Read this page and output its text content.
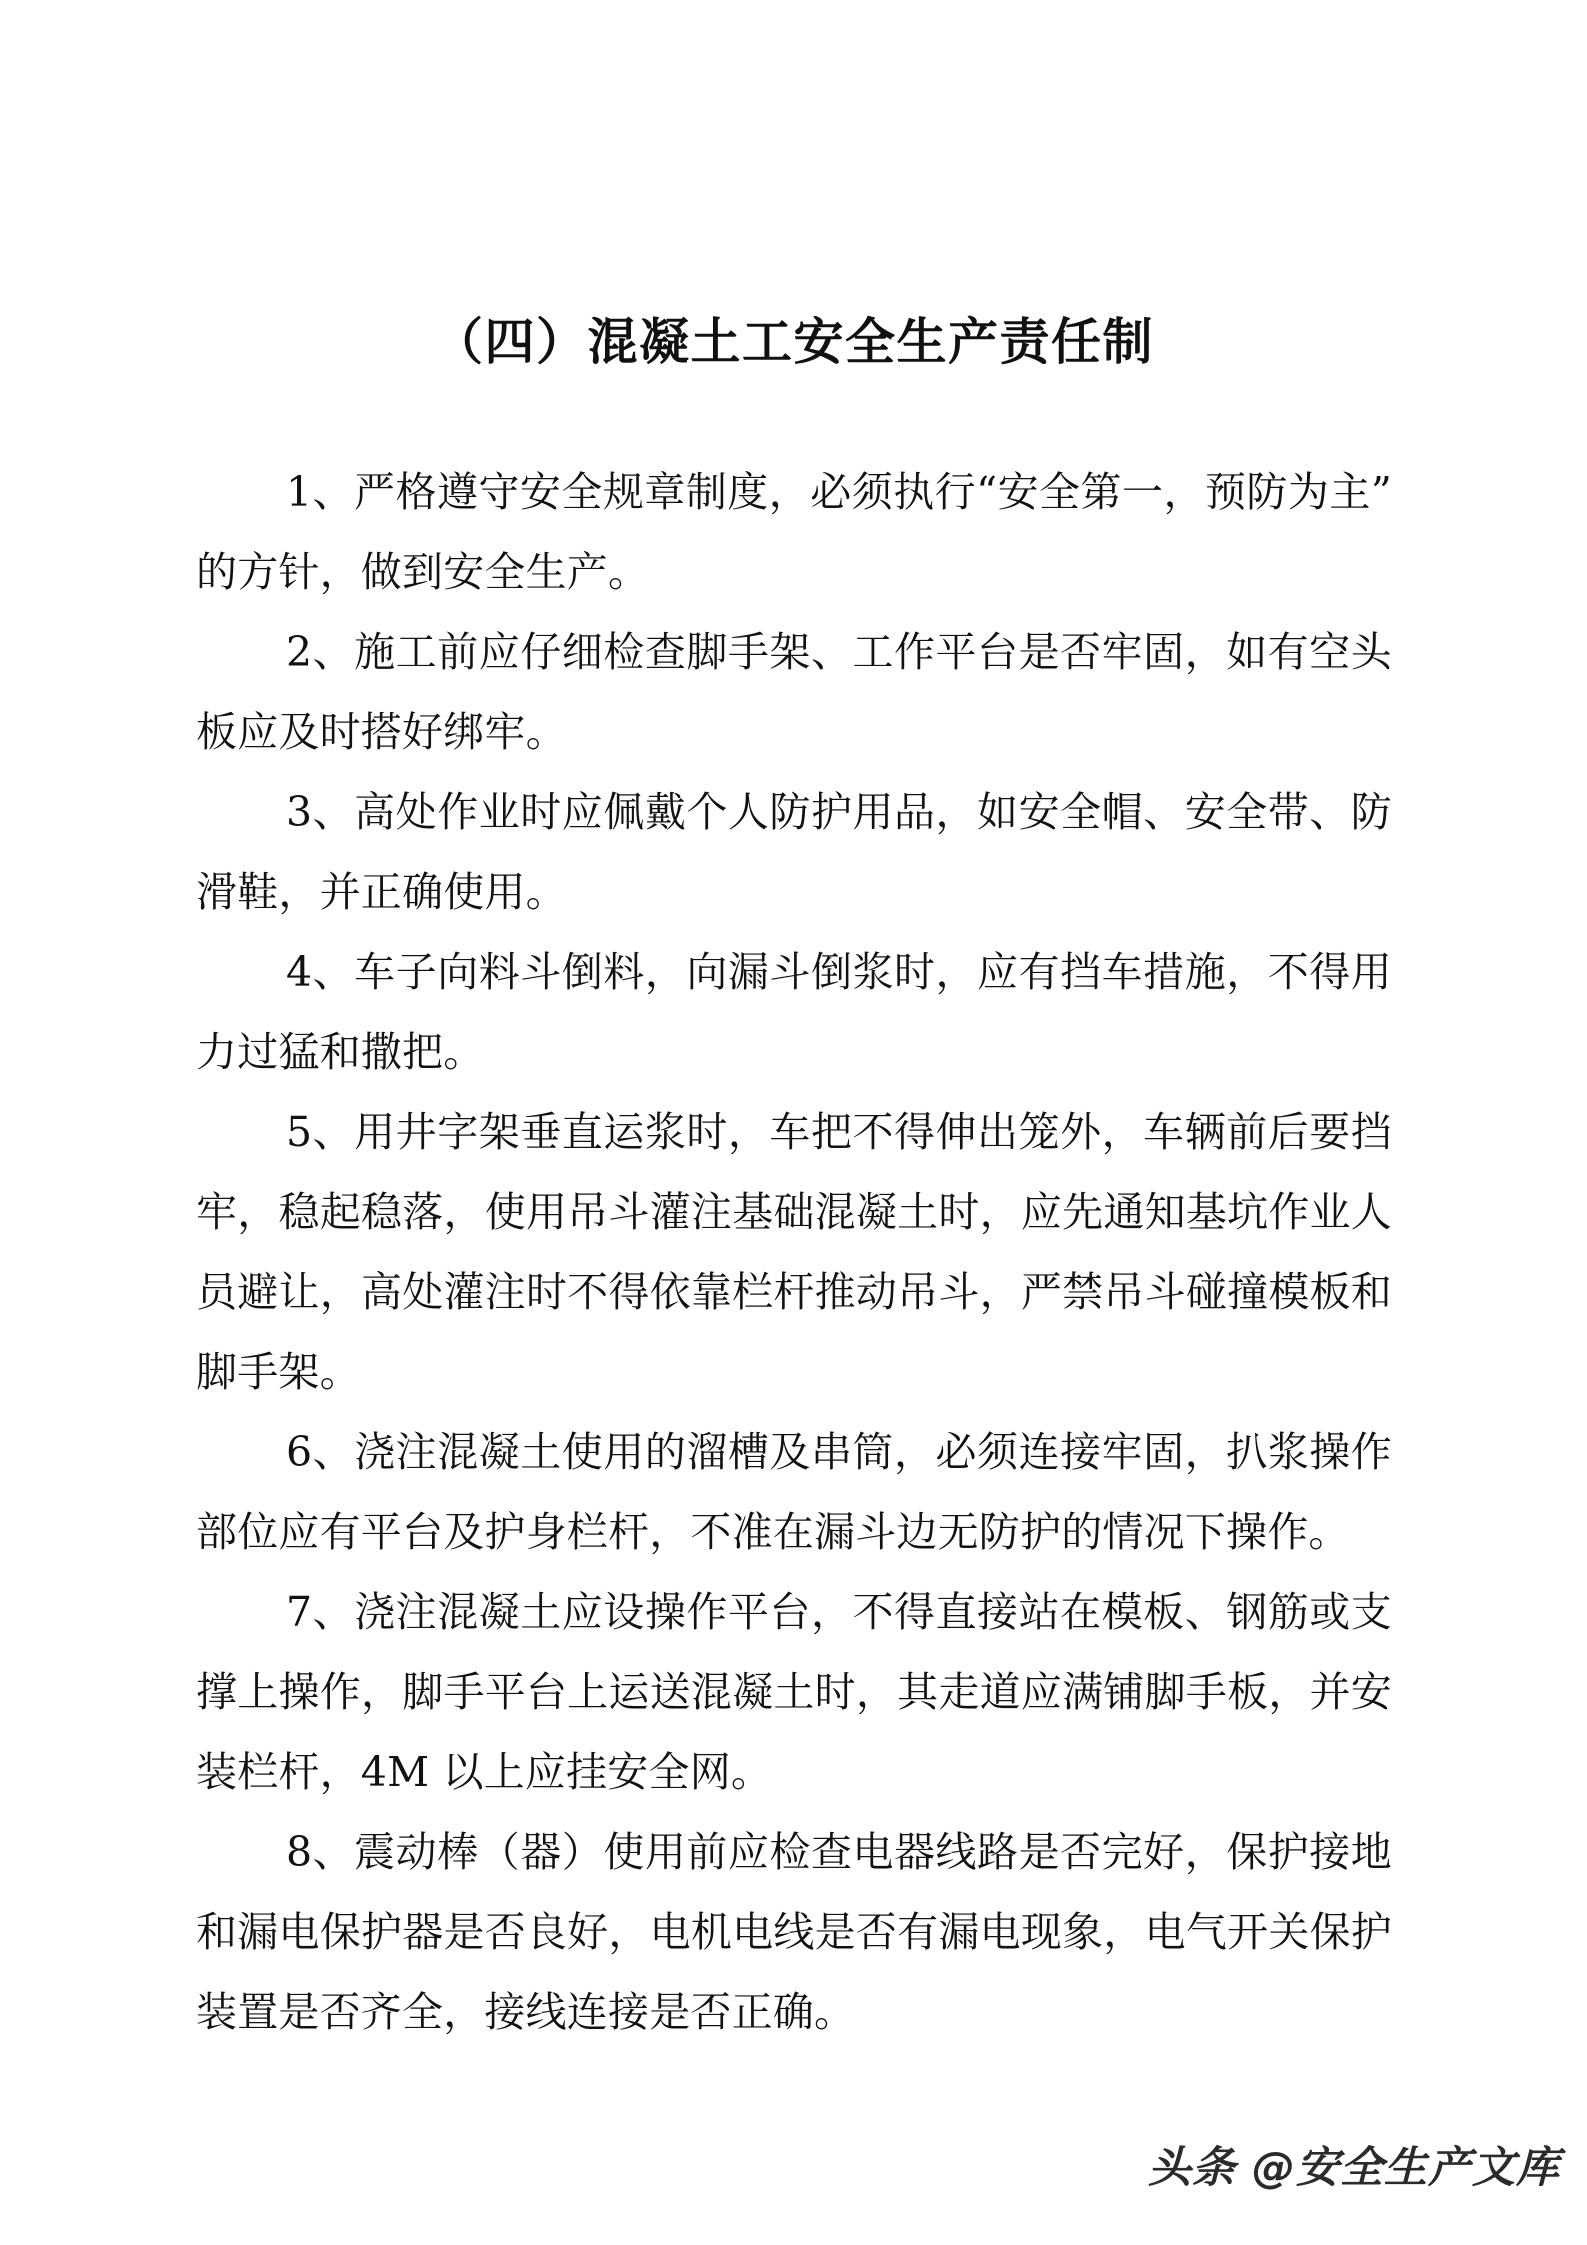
（四）混凝土工安全生产责任制

1、严格遵守安全规章制度，必须执行“安全第一，预防为主”的方针，做到安全生产。

2、施工前应仔细检查脚手架、工作平台是否牢固，如有空头板应及时搭好绑牢。

3、高处作业时应佩戴个人防护用品，如安全帽、安全带、防滑鞋，并正确使用。

4、车子向料斗倒料，向漏斗倒浆时，应有挡车措施，不得用力过猛和撒把。

5、用井字架垂直运浆时，车把不得伸出笼外，车辆前后要挡牢，稳起稳落，使用吊斗灌注基础混凝土时，应先通知基坑作业人员避让，高处灌注时不得依靠栏杆推动吊斗，严禁吊斗碰撞模板和脚手架。

6、浇注混凝土使用的溜槽及串筒，必须连接牢固，扒浆操作部位应有平台及护身栏杆，不准在漏斗边无防护的情况下操作。

7、浇注混凝土应设操作平台，不得直接站在模板、钢筋或支撑上操作，脚手平台上运送混凝土时，其走道应满铺脚手板，并安装栏杆，4M 以上应挂安全网。

8、震动棒（器）使用前应检查电器线路是否完好，保护接地和漏电保护器是否良好，电机电线是否有漏电现象，电气开关保护装置是否齐全，接线连接是否正确。

头条 @安全生产文库
